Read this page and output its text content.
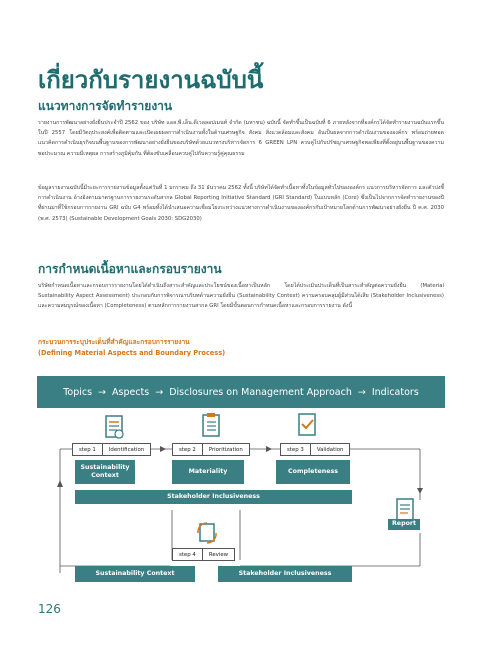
เกี่ยวกับรายงานฉบับนี้
แนวทางการจัดทำรายงาน

รายงานการพัฒนาอย่างยั่งยืนประจำปี 2562 ของ บริษัท แอล.พี.เอ็น.ดีเวลลอปเมนท์ จำกัด (มหาชน) ฉบับนี้ จัดทำขึ้นเป็นฉบับที่ 6 ภายหลังจากที่องค์กรได้จัดทำรายงานฉบับแรกขึ้นในปี 2557 โดยมีวัตถุประสงค์เพื่อติดตามและเปิดเผยผลการดำเนินงานทั้งในด้านเศรษฐกิจ สังคม สิ่งแวดล้อมและสังคม อันเป็นผลจากการดำเนินงานขององค์กร พร้อมถ่ายทอดแนวคิดการดำเนินธุรกิจบนพื้นฐานของการพัฒนาอย่างยั่งยืนของบริษัทด้วยแนวทางบริหารจัดการ 6 GREEN LPN ควบคู่ไปกับปรัชญาเศรษฐกิจพอเพียงที่ตั้งอยู่บนพื้นฐานของความพอประมาณ ความมีเหตุผล การสร้างภูมิคุ้มกัน ที่ต้องขับเคลื่อนควบคู่ไปกับความรู้คู่คุณธรรม

ข้อมูลรายงานฉบับนี้มีระยะการรายงานข้อมูลตั้งแต่วันที่ 1 มกราคม ถึง 31 ธันวาคม 2562 ทั้งนี้ บริษัทได้จัดทำเนื้อหาทั้งในข้อมูลทั่วไปขององค์กร แนวการบริหารจัดการ และตัวบ่งชี้การดำเนินงาน อ้างอิงตามมาตรฐานการรายงานระดับสากล Global Reporting Initiative Standard (GRI Standard) ในแบบหลัก (Core) ซึ่งเป็นไปจากการจัดทำรายงานของปีที่ผ่านมาที่ใช้กรอบการรายงาน GRI ฉบับ G4 พร้อมทั้งได้นำเสนอความเชื่อมโยงระหว่างแนวทางการดำเนินงานขององค์กรกับเป้าหมายโลกด้านการพัฒนาอย่างยั่งยืน ปี ค.ศ. 2030 (พ.ศ. 2573) (Sustainable Development Goals 2030: SDG2030)

การกำหนดเนื้อหาและกรอบรายงาน

บริษัทกำหนดเนื้อหาและกรอบการรายงานโดยได้ดำเนินถึงสาระสำคัญและประโยชน์ของเนื้อหาเป็นหลัก โดยได้ประเมินประเด็นที่เป็นสาระสำคัญต่อความยั่งยืน (Material Sustainability Aspect Assessment) ประกอบกับการพิจารณาบริบทด้านความยั่งยืน (Sustainability Context) ความครอบคลุมผู้มีส่วนได้เสีย (Stakeholder Inclusiveness) และความสมบูรณ์ของเนื้อหา (Completeness) ตามหลักการรายงานสากล GRI โดยมีขั้นตอนการกำหนดเนื้อหาและกรอบการรายงาน ดังนี้

กระบวนการระบุประเด็นที่สำคัญและกรอบการรายงาน
(Defining Material Aspects and Boundary Process)
Topics → Aspects → Disclosures on Management Approach → Indicators
step 1	Identification	step 2	Prioritization	step 3	Validation
Sustainability Context
Materiality	Completeness
Stakeholder Inclusiveness
Report
step 4	Review
Sustainability Context	Stakeholder Inclusiveness
126
